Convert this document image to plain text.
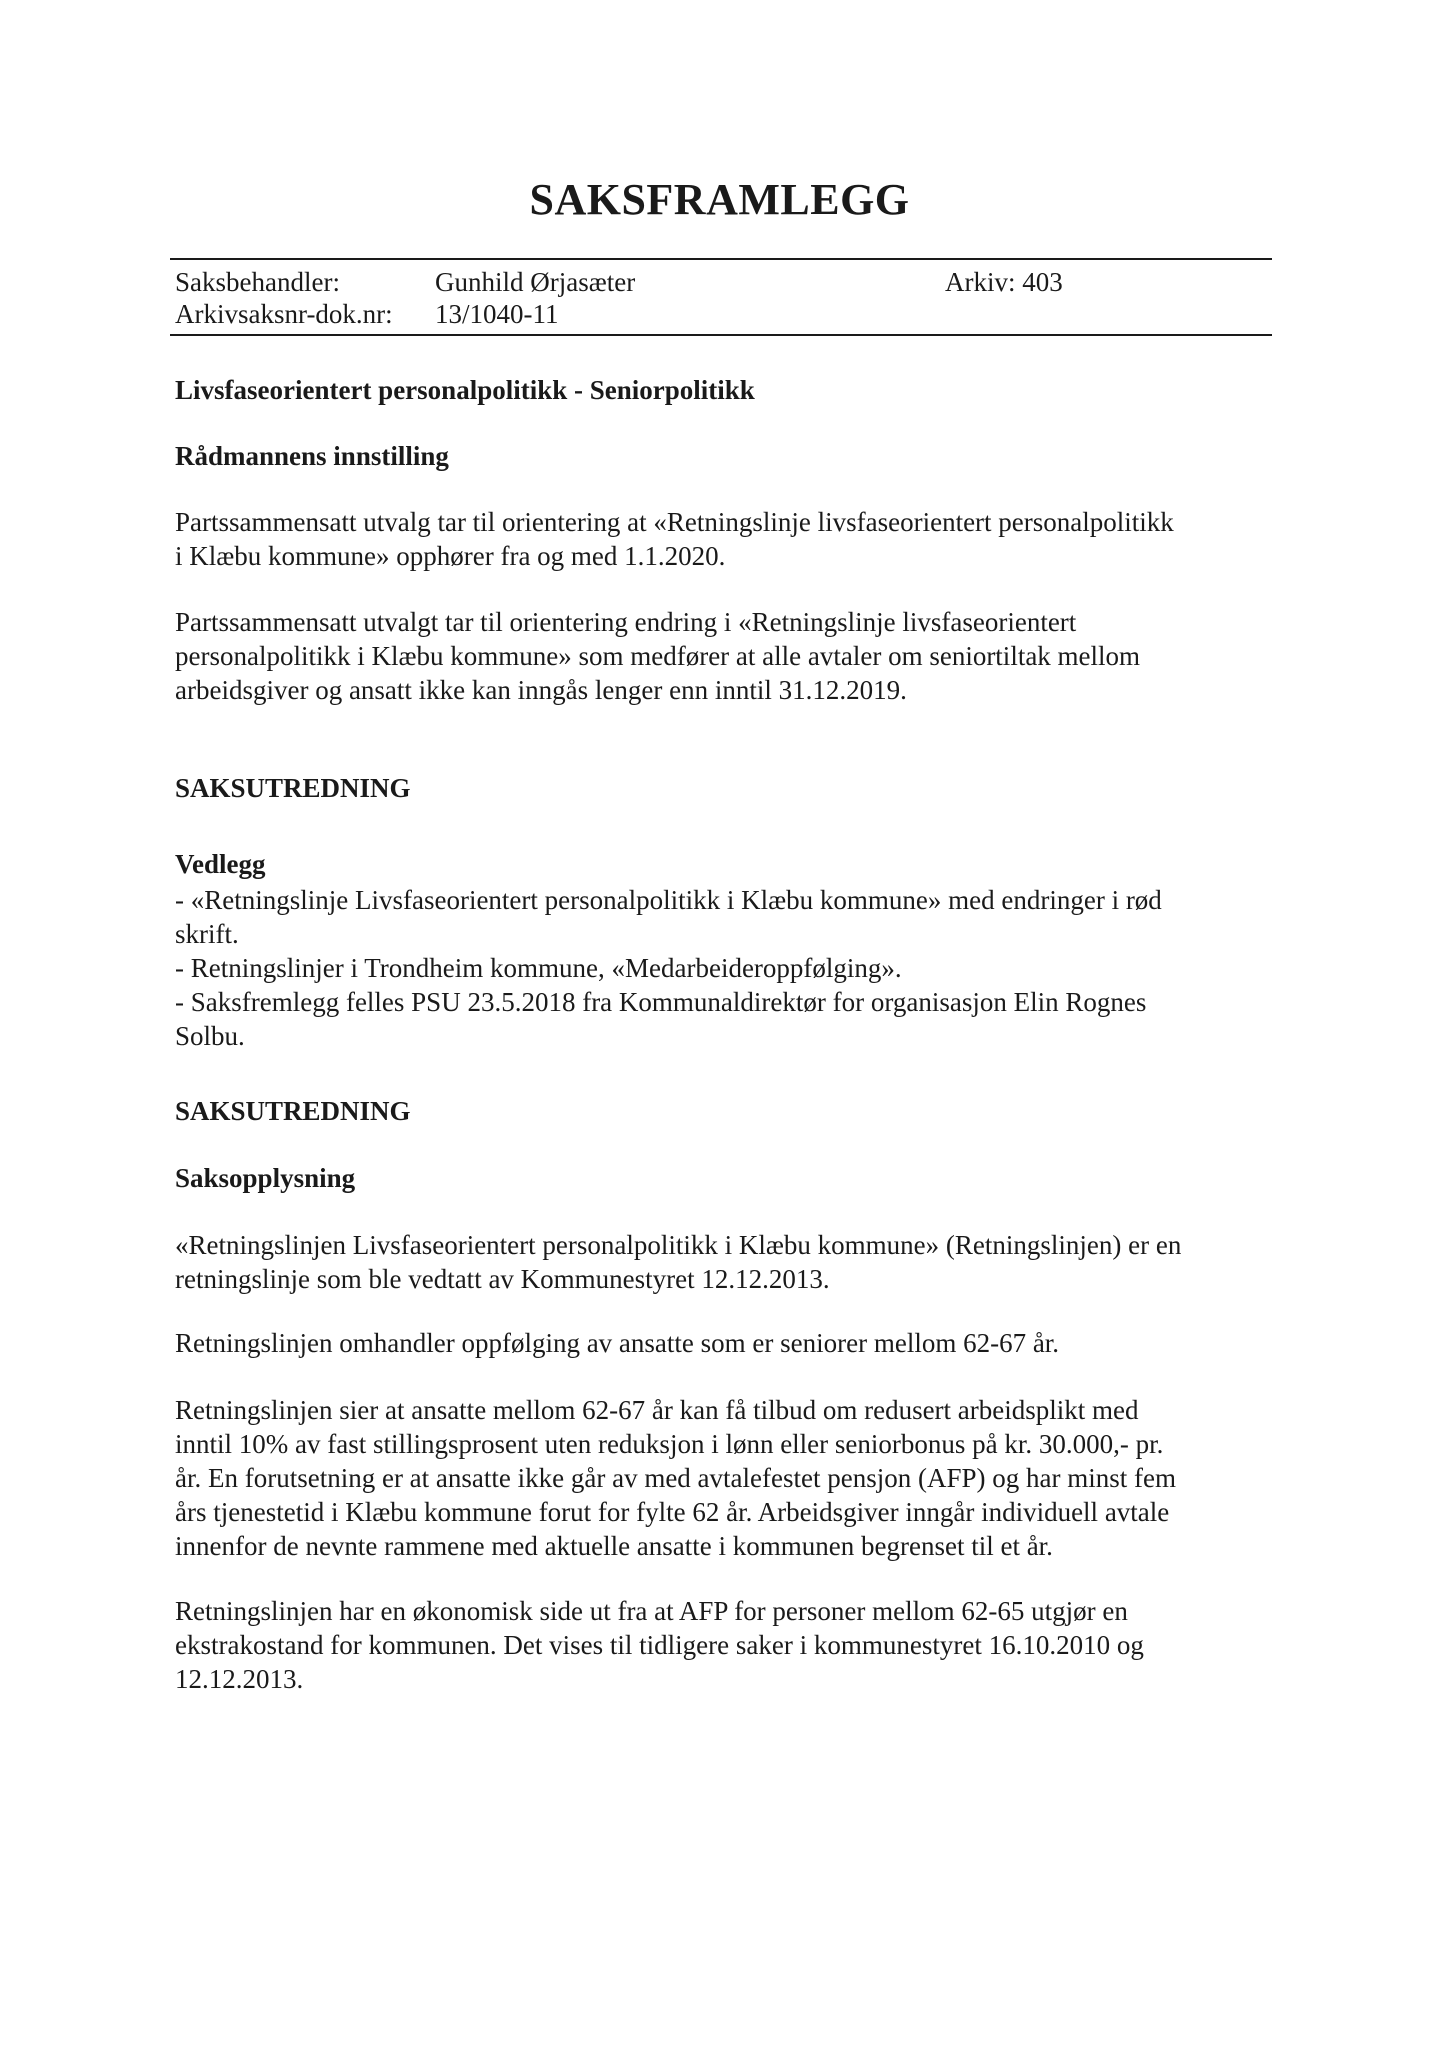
SAKSFRAMLEGG
Saksbehandler:	Gunhild Ørjasæter	Arkiv: 403
Arkivsaksnr-dok.nr: 13/1040-11
Livsfaseorientert personalpolitikk - Seniorpolitikk
Rådmannens innstilling
Partssammensatt utvalg tar til orientering at «Retningslinje livsfaseorientert personalpolitikk
i Klæbu kommune» opphører fra og med 1.1.2020.
Partssammensatt utvalgt tar til orientering endring i «Retningslinje livsfaseorientert
personalpolitikk i Klæbu kommune» som medfører at alle avtaler om seniortiltak mellom
arbeidsgiver og ansatt ikke kan inngås lenger enn inntil 31.12.2019.
SAKSUTREDNING
Vedlegg
- «Retningslinje Livsfaseorientert personalpolitikk i Klæbu kommune» med endringer i rød
skrift.
- Retningslinjer i Trondheim kommune, «Medarbeideroppfølging».
- Saksfremlegg felles PSU 23.5.2018 fra Kommunaldirektør for organisasjon Elin Rognes
Solbu.
SAKSUTREDNING
Saksopplysning
«Retningslinjen Livsfaseorientert personalpolitikk i Klæbu kommune» (Retningslinjen) er en
retningslinje som ble vedtatt av Kommunestyret 12.12.2013.
Retningslinjen omhandler oppfølging av ansatte som er seniorer mellom 62-67 år.
Retningslinjen sier at ansatte mellom 62-67 år kan få tilbud om redusert arbeidsplikt med
inntil 10% av fast stillingsprosent uten reduksjon i lønn eller seniorbonus på kr. 30.000,- pr.
år. En forutsetning er at ansatte ikke går av med avtalefestet pensjon (AFP) og har minst fem
års tjenestetid i Klæbu kommune forut for fylte 62 år. Arbeidsgiver inngår individuell avtale
innenfor de nevnte rammene med aktuelle ansatte i kommunen begrenset til et år.
Retningslinjen har en økonomisk side ut fra at AFP for personer mellom 62-65 utgjør en
ekstrakostand for kommunen. Det vises til tidligere saker i kommunestyret 16.10.2010 og
12.12.2013.
